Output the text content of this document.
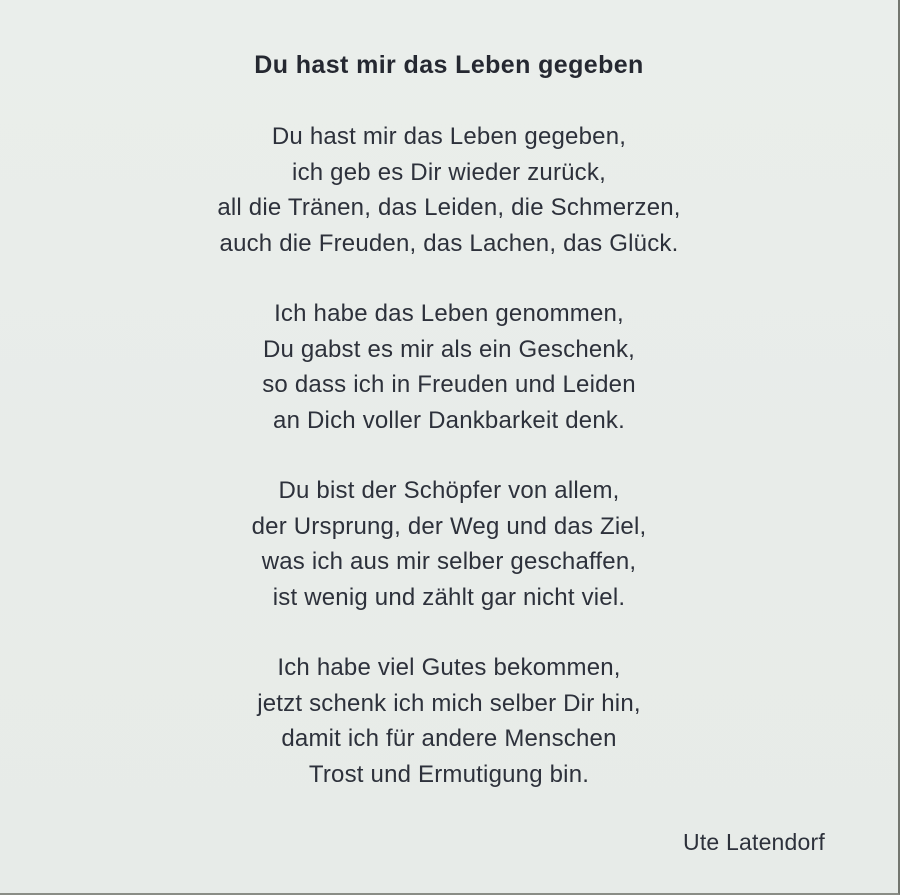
Du hast mir das Leben gegeben

Du hast mir das Leben gegeben,

ich geb es Dir wieder zurück,

all die Tränen, das Leiden, die Schmerzen,

auch die Freuden, das Lachen, das Glück.

Ich habe das Leben genommen,

Du gabst es mir als ein Geschenk,

so dass ich in Freuden und Leiden

an Dich voller Dankbarkeit denk.

Du bist der Schöpfer von allem,

der Ursprung, der Weg und das Ziel,

was ich aus mir selber geschaffen,

ist wenig und zählt gar nicht viel.

Ich habe viel Gutes bekommen,

jetzt schenk ich mich selber Dir hin,

damit ich für andere Menschen

Trost und Ermutigung bin.

Ute Latendorf
